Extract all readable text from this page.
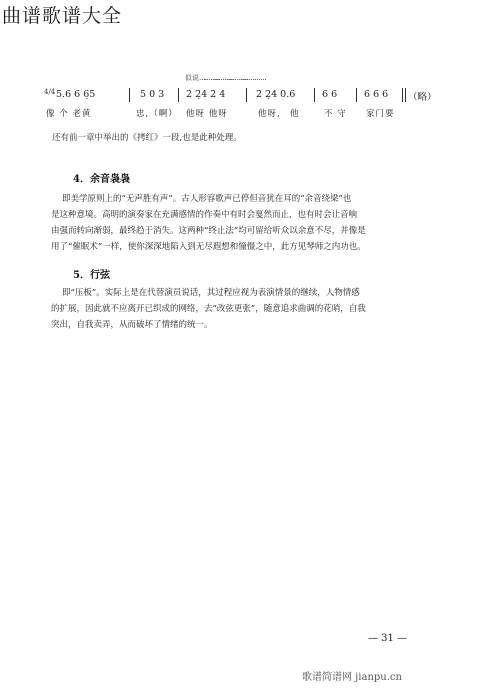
曲谱歌谱大全
似说……………………
4/4 5.6 6 6̣5	5 0 3 2̇ 2̣4 2̇ 4	2̇ 2̣4 0.6	6 6	6 6 6 （略）
像 个 老黄	忠,（啊） 他呀 他呀	他呀, 他	不 守 家门要
还有前一章中举出的《拷红》一段,也是此种处理。
4．余音袅袅
即美学原则上的“无声胜有声”。古人形容歌声已停但音犹在耳的“余音绕梁”也
是这种意境。高明的演奏家在充满感情的作奏中有时会戛然而止，也有时会让音响
由强而转向渐弱，最终趋于消失。这两种“终止法”均可留给听众以余意不尽，并像是
用了“催眠术”一样，使你深深地陷入到无尽遐想和憧憬之中，此方见琴师之内功也。
5．行弦
即“压板”。实际上是在代替演员说话，其过程应视为表演情景的继续，人物情感
的扩展，因此就不应离开已织成的网络，去“改弦更张”，随意追求曲调的花哨，自我
突出，自我卖弄，从而破坏了情绪的统一。
— 31 —
歌谱简谱网 jianpu.cn
